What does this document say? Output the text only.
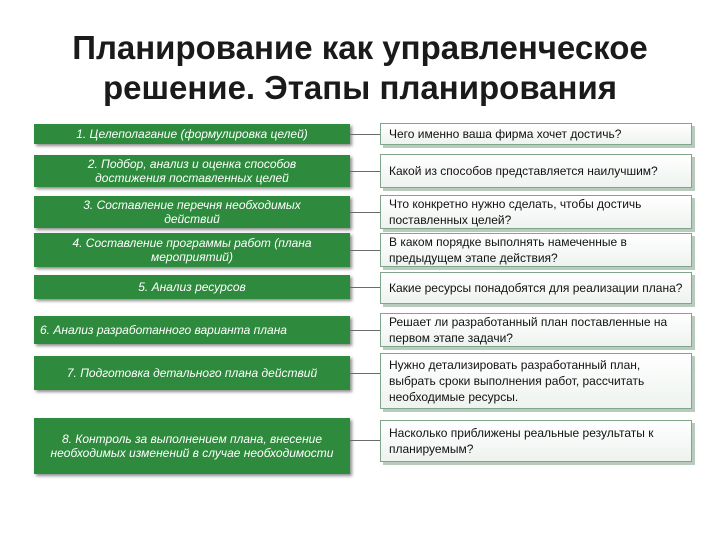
Планирование как управленческое
решение. Этапы планирования
1. Целеполагание (формулировка целей)
2. Подбор, анализ и оценка способов достижения поставленных целей
3. Составление перечня необходимых действий
4. Составление программы работ (плана мероприятий)
5. Анализ ресурсов
6. Анализ разработанного варианта плана
7. Подготовка детального плана действий
8. Контроль за выполнением плана, внесение необходимых изменений в случае необходимости
Чего именно ваша фирма хочет достичь?
Какой из способов представляется наилучшим?
Что конкретно нужно сделать, чтобы достичь поставленных целей?
В каком порядке выполнять намеченные в предыдущем этапе действия?
Какие ресурсы понадобятся для реализации плана?
Решает ли разработанный план поставленные на первом этапе задачи?
Нужно детализировать разработанный план, выбрать сроки выполнения работ, рассчитать необходимые ресурсы.
Насколько приближены реальные результаты к планируемым?
